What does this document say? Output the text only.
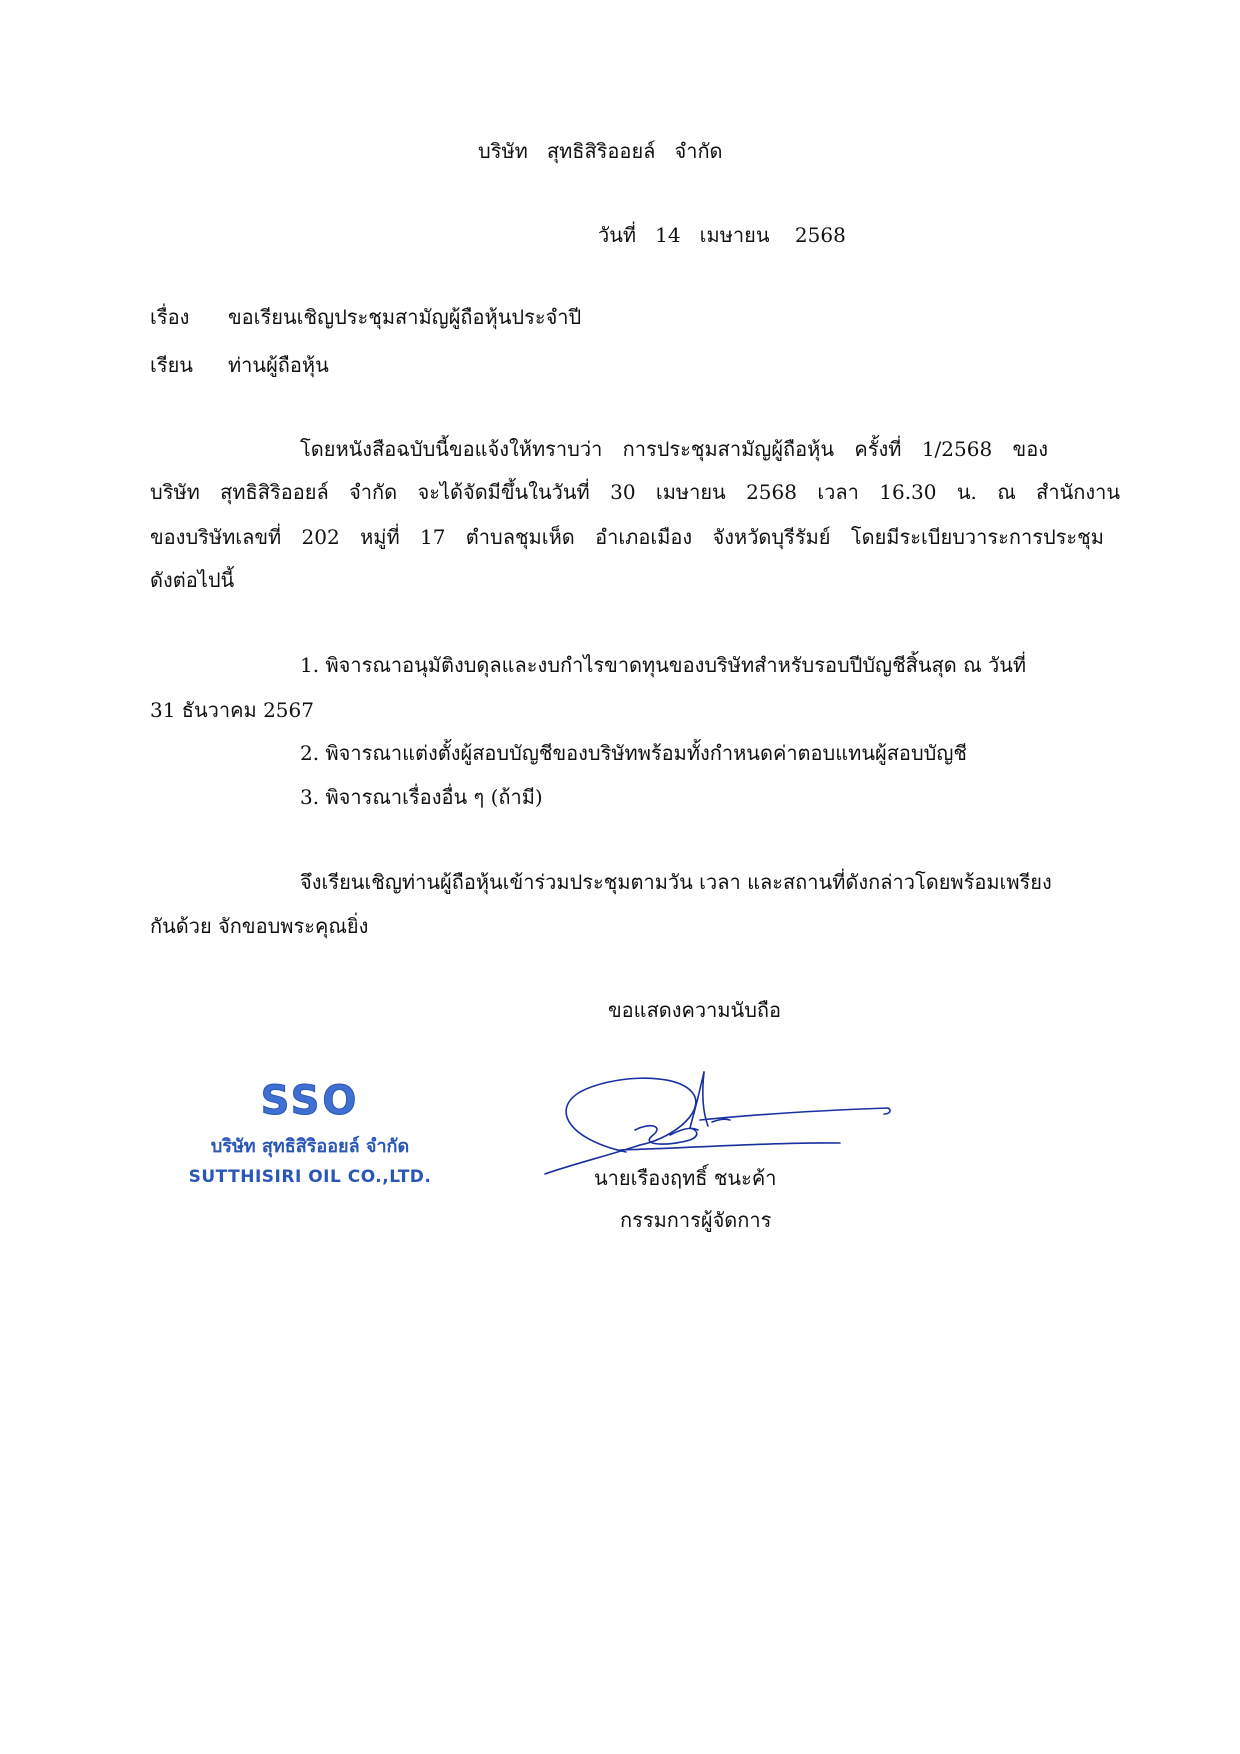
บริษัท   สุทธิสิริออยล์   จำกัด
วันที่   14   เมษายน    2568
เรื่อง ขอเรียนเชิญประชุมสามัญผู้ถือหุ้นประจำปี
เรียน ท่านผู้ถือหุ้น
โดยหนังสือฉบับนี้ขอแจ้งให้ทราบว่า การประชุมสามัญผู้ถือหุ้น ครั้งที่ 1/2568 ของ
บริษัท สุทธิสิริออยล์ จำกัด จะได้จัดมีขึ้นในวันที่ 30 เมษายน 2568 เวลา 16.30 น. ณ สำนักงาน
ของบริษัทเลขที่ 202 หมู่ที่ 17 ตำบลชุมเห็ด อำเภอเมือง จังหวัดบุรีรัมย์ โดยมีระเบียบวาระการประชุม
ดังต่อไปนี้
1. พิจารณาอนุมัติงบดุลและงบกำไรขาดทุนของบริษัทสำหรับรอบปีบัญชีสิ้นสุด ณ วันที่
31 ธันวาคม 2567
2. พิจารณาแต่งตั้งผู้สอบบัญชีของบริษัทพร้อมทั้งกำหนดค่าตอบแทนผู้สอบบัญชี
3. พิจารณาเรื่องอื่น ๆ (ถ้ามี)
จึงเรียนเชิญท่านผู้ถือหุ้นเข้าร่วมประชุมตามวัน เวลา และสถานที่ดังกล่าวโดยพร้อมเพรียง
กันด้วย จักขอบพระคุณยิ่ง
ขอแสดงความนับถือ
SSO
บริษัท สุทธิสิริออยล์ จำกัด
SUTTHISIRI OIL CO.,LTD.	นายเรืองฤทธิ์ ชนะค้า
กรรมการผู้จัดการ
